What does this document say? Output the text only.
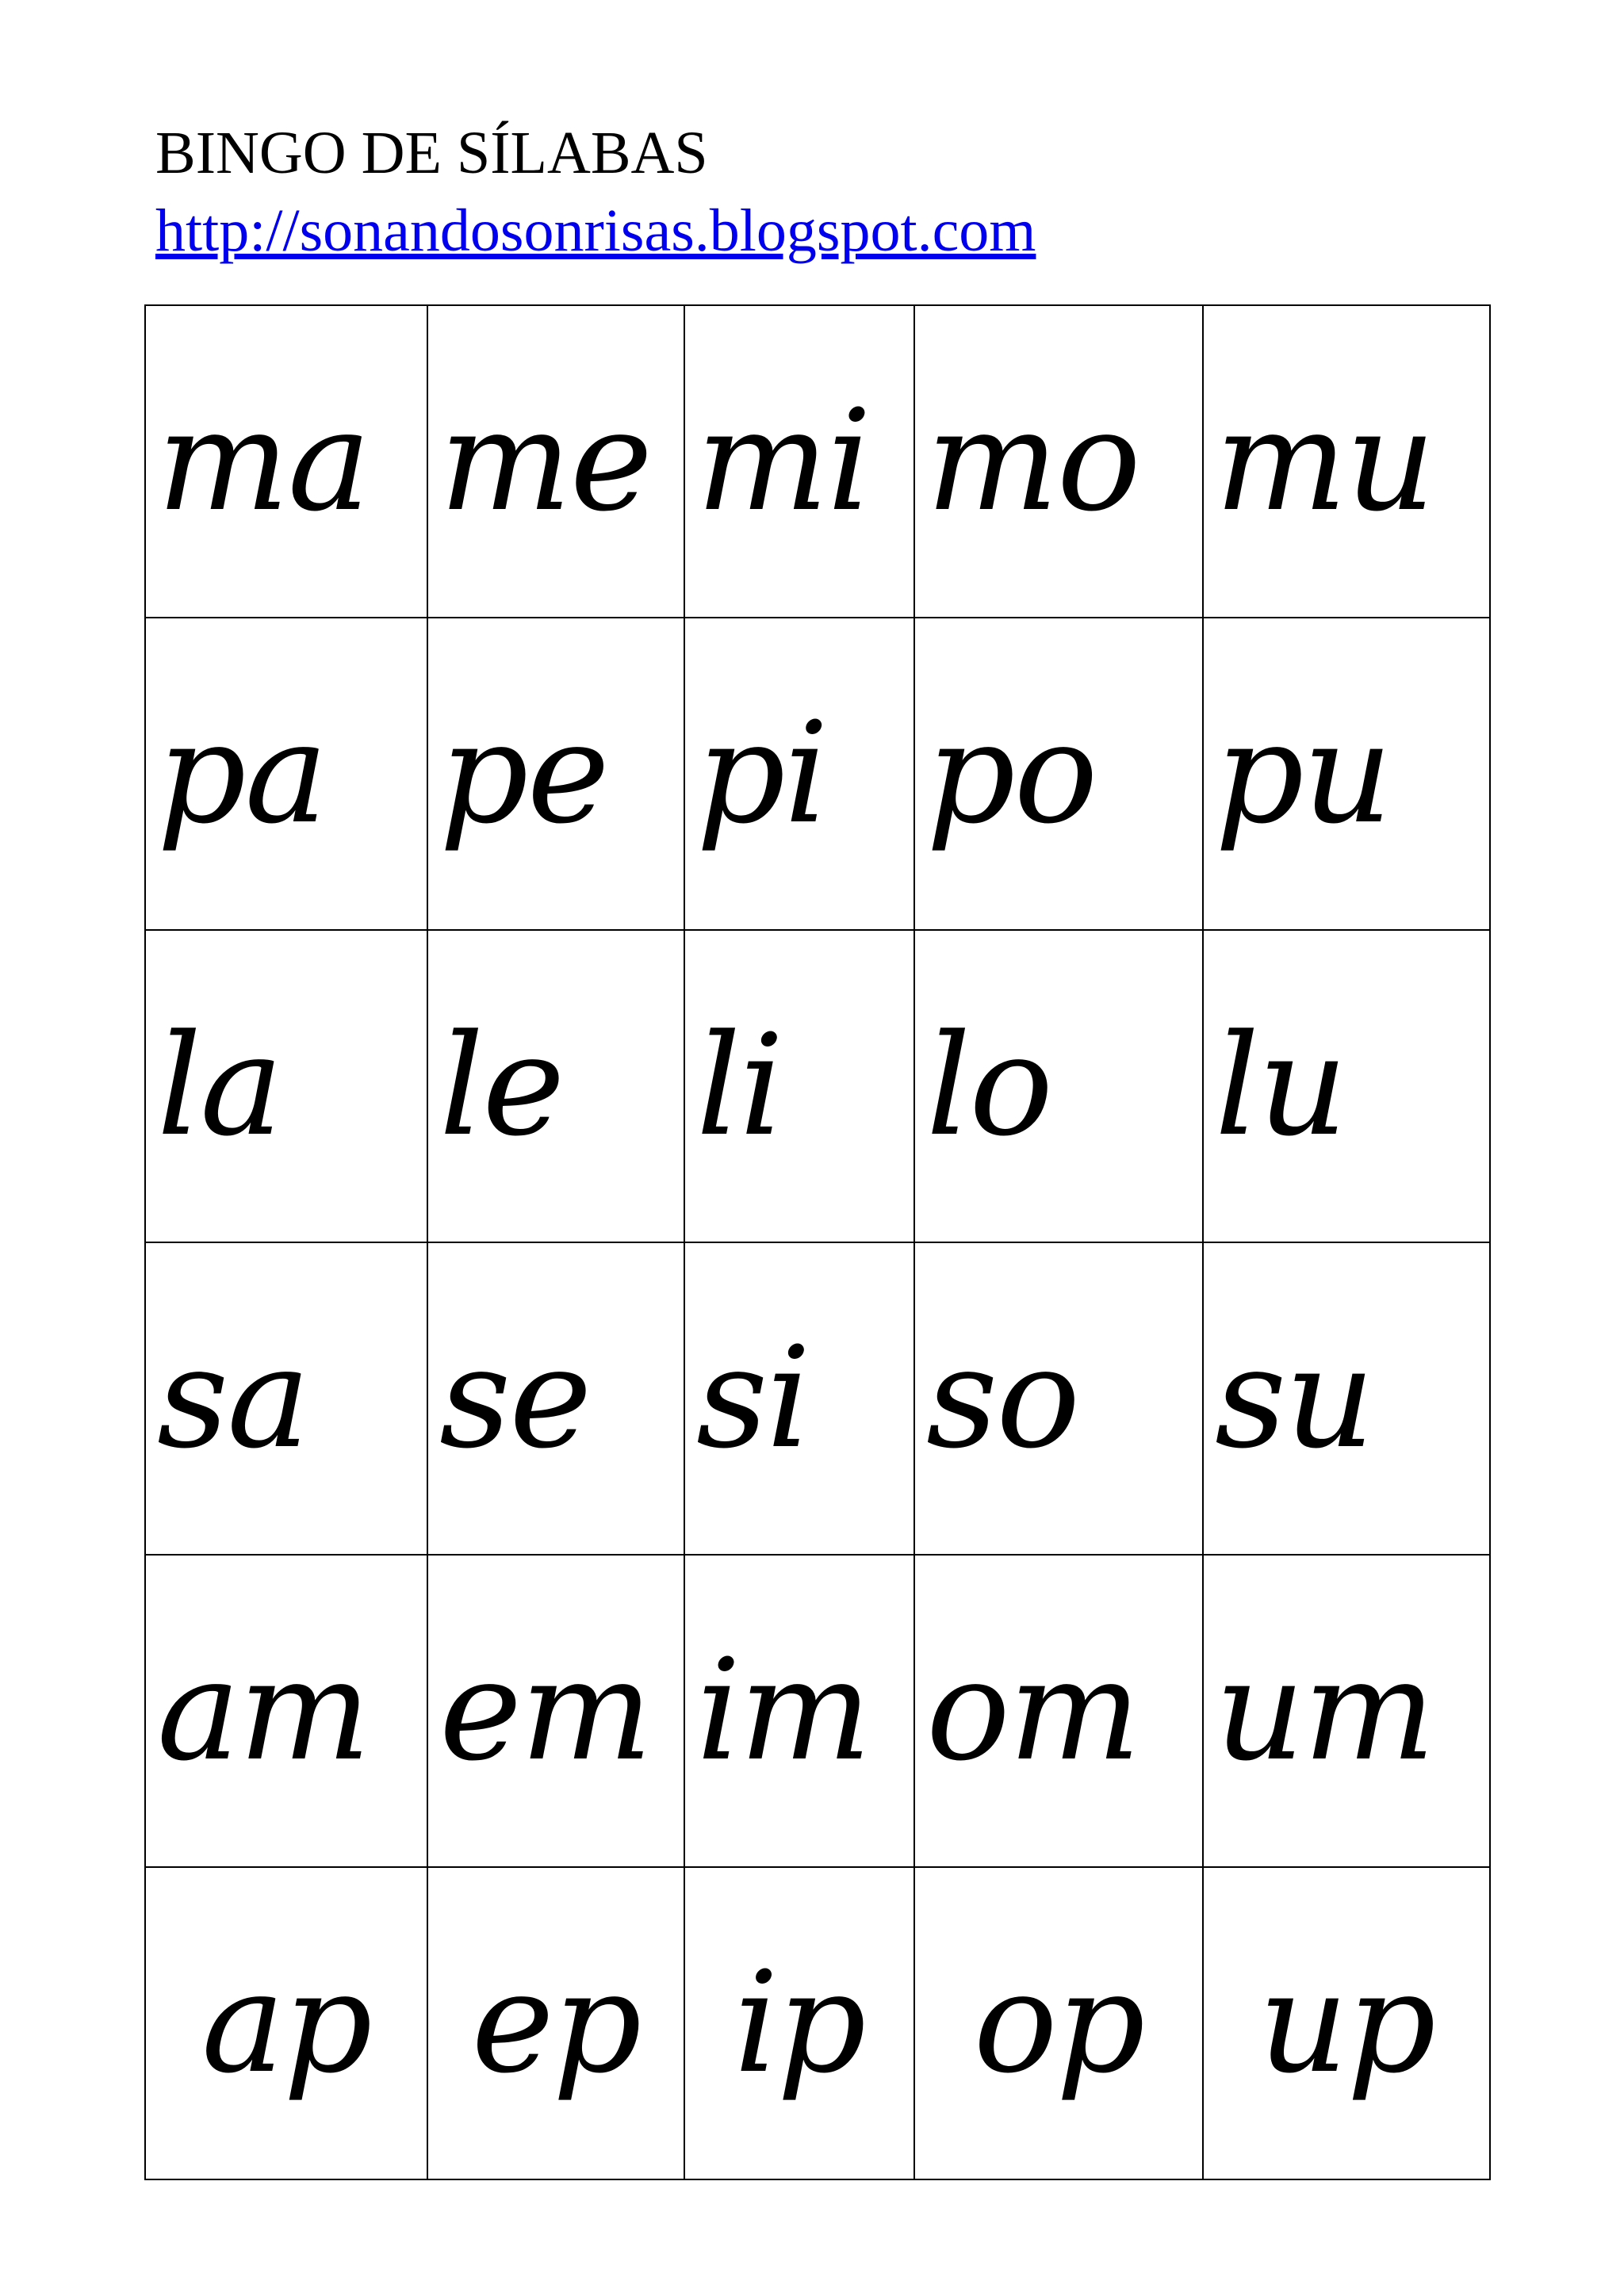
BINGO DE SÍLABAS
http://sonandosonrisas.blogspot.com
ma	me	mi	mo	mu

pa	pe	pi	po	pu

la	le	li	lo	lu

sa	se	si	so	su

am	em	im	om	um

ap	ep	ip	op	up
